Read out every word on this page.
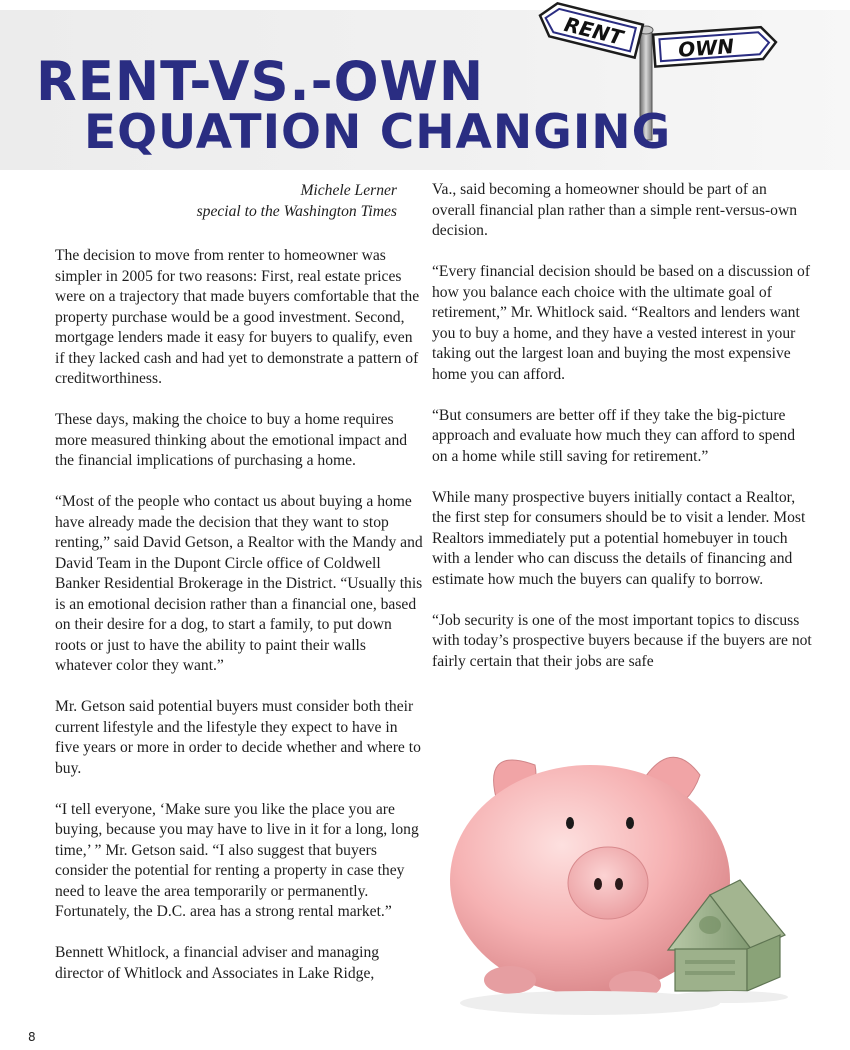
RENT	OWN
RENT-VS.-OWN
EQUATION CHANGING
Michele Lerner
special to the Washington Times

The decision to move from renter to homeowner was simpler in 2005 for two reasons: First, real estate prices were on a trajectory that made buyers comfortable that the property purchase would be a good investment. Second, mortgage lenders made it easy for buyers to qualify, even if they lacked cash and had yet to demonstrate a pattern of creditworthiness.

These days, making the choice to buy a home requires more measured thinking about the emotional impact and the financial implications of purchasing a home.

“Most of the people who contact us about buying a home have already made the decision that they want to stop renting,” said David Getson, a Realtor with the Mandy and David Team in the Dupont Circle office of Coldwell Banker Residential Brokerage in the District. “Usually this is an emotional decision rather than a financial one, based on their desire for a dog, to start a family, to put down roots or just to have the ability to paint their walls whatever color they want.”

Mr. Getson said potential buyers must consider both their current lifestyle and the lifestyle they expect to have in five years or more in order to decide whether and where to buy.

“I tell everyone, ‘Make sure you like the place you are buying, because you may have to live in it for a long, long time,’ ” Mr. Getson said. “I also suggest that buyers consider the potential for renting a property in case they need to leave the area temporarily or permanently. Fortunately, the D.C. area has a strong rental market.”

Bennett Whitlock, a financial adviser and managing director of Whitlock and Associates in Lake Ridge,

Va., said becoming a homeowner should be part of an overall financial plan rather than a simple rent-versus-own decision.

“Every financial decision should be based on a discussion of how you balance each choice with the ultimate goal of retirement,” Mr. Whitlock said. “Realtors and lenders want you to buy a home, and they have a vested interest in your taking out the largest loan and buying the most expensive home you can afford.

“But consumers are better off if they take the big-picture approach and evaluate how much they can afford to spend on a home while still saving for retirement.”

While many prospective buyers initially contact a Realtor, the first step for consumers should be to visit a lender. Most Realtors immediately put a potential homebuyer in touch with a lender who can discuss the details of financing and estimate how much the buyers can qualify to borrow.

“Job security is one of the most important topics to discuss with today’s prospective buyers because if the buyers are not fairly certain that their jobs are safe

8
